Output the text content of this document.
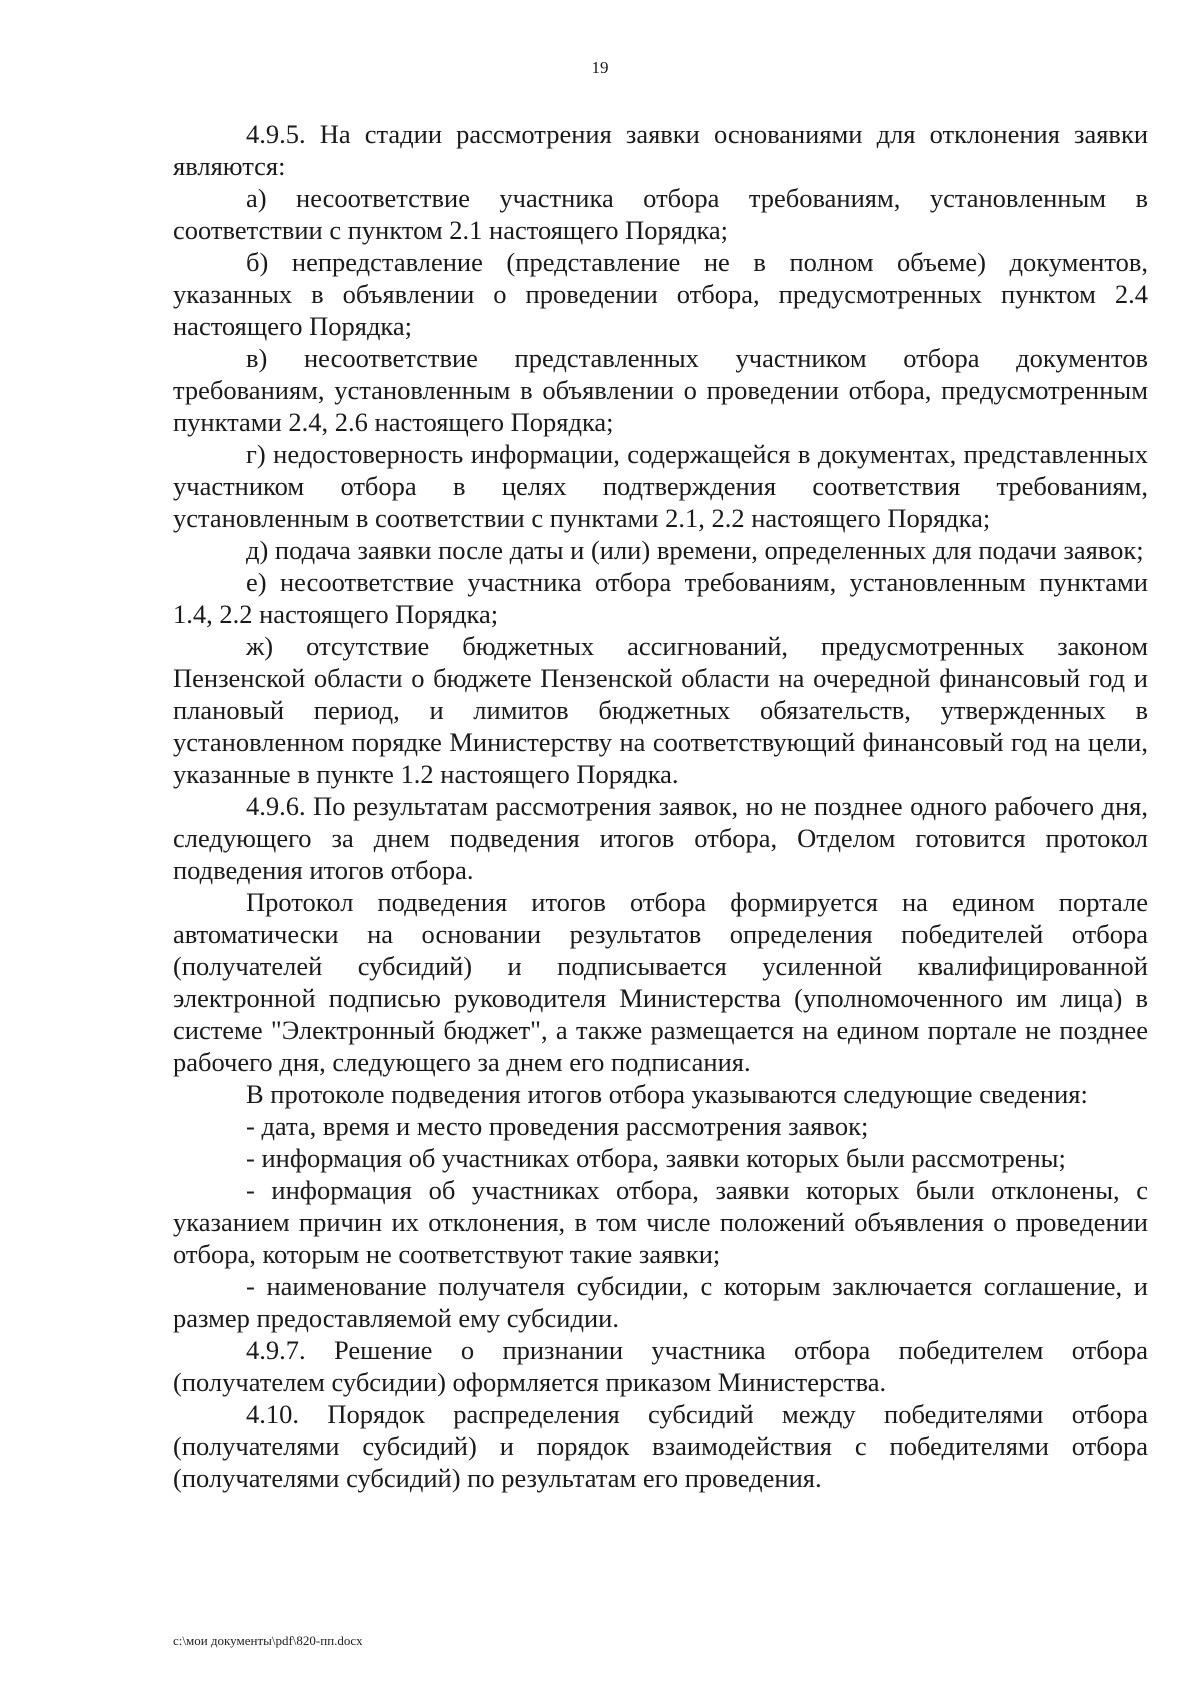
19

4.9.5. На стадии рассмотрения заявки основаниями для отклонения заявки являются:

а) несоответствие участника отбора требованиям, установленным в соответствии с пунктом 2.1 настоящего Порядка;

б) непредставление (представление не в полном объеме) документов, указанных в объявлении о проведении отбора, предусмотренных пунктом 2.4 настоящего Порядка;

в) несоответствие представленных участником отбора документов требованиям, установленным в объявлении о проведении отбора, предусмотренным пунктами 2.4, 2.6 настоящего Порядка;

г) недостоверность информации, содержащейся в документах, представленных участником отбора в целях подтверждения соответствия требованиям, установленным в соответствии с пунктами 2.1, 2.2 настоящего Порядка;

д) подача заявки после даты и (или) времени, определенных для подачи заявок;

е) несоответствие участника отбора требованиям, установленным пунктами 1.4, 2.2 настоящего Порядка;

ж) отсутствие бюджетных ассигнований, предусмотренных законом Пензенской области о бюджете Пензенской области на очередной финансовый год и плановый период, и лимитов бюджетных обязательств, утвержденных в установленном порядке Министерству на соответствующий финансовый год на цели, указанные в пункте 1.2 настоящего Порядка.

4.9.6. По результатам рассмотрения заявок, но не позднее одного рабочего дня, следующего за днем подведения итогов отбора, Отделом готовится протокол подведения итогов отбора.

Протокол подведения итогов отбора формируется на едином портале автоматически на основании результатов определения победителей отбора (получателей субсидий) и подписывается усиленной квалифицированной электронной подписью руководителя Министерства (уполномоченного им лица) в системе "Электронный бюджет", а также размещается на едином портале не позднее рабочего дня, следующего за днем его подписания.

В протоколе подведения итогов отбора указываются следующие сведения:

- дата, время и место проведения рассмотрения заявок;

- информация об участниках отбора, заявки которых были рассмотрены;

- информация об участниках отбора, заявки которых были отклонены, с указанием причин их отклонения, в том числе положений объявления о проведении отбора, которым не соответствуют такие заявки;

- наименование получателя субсидии, с которым заключается соглашение, и размер предоставляемой ему субсидии.

4.9.7. Решение о признании участника отбора победителем отбора (получателем субсидии) оформляется приказом Министерства.

4.10. Порядок распределения субсидий между победителями отбора (получателями субсидий) и порядок взаимодействия с победителями отбора (получателями субсидий) по результатам его проведения.

c:\мои документы\pdf\820-пп.docx
